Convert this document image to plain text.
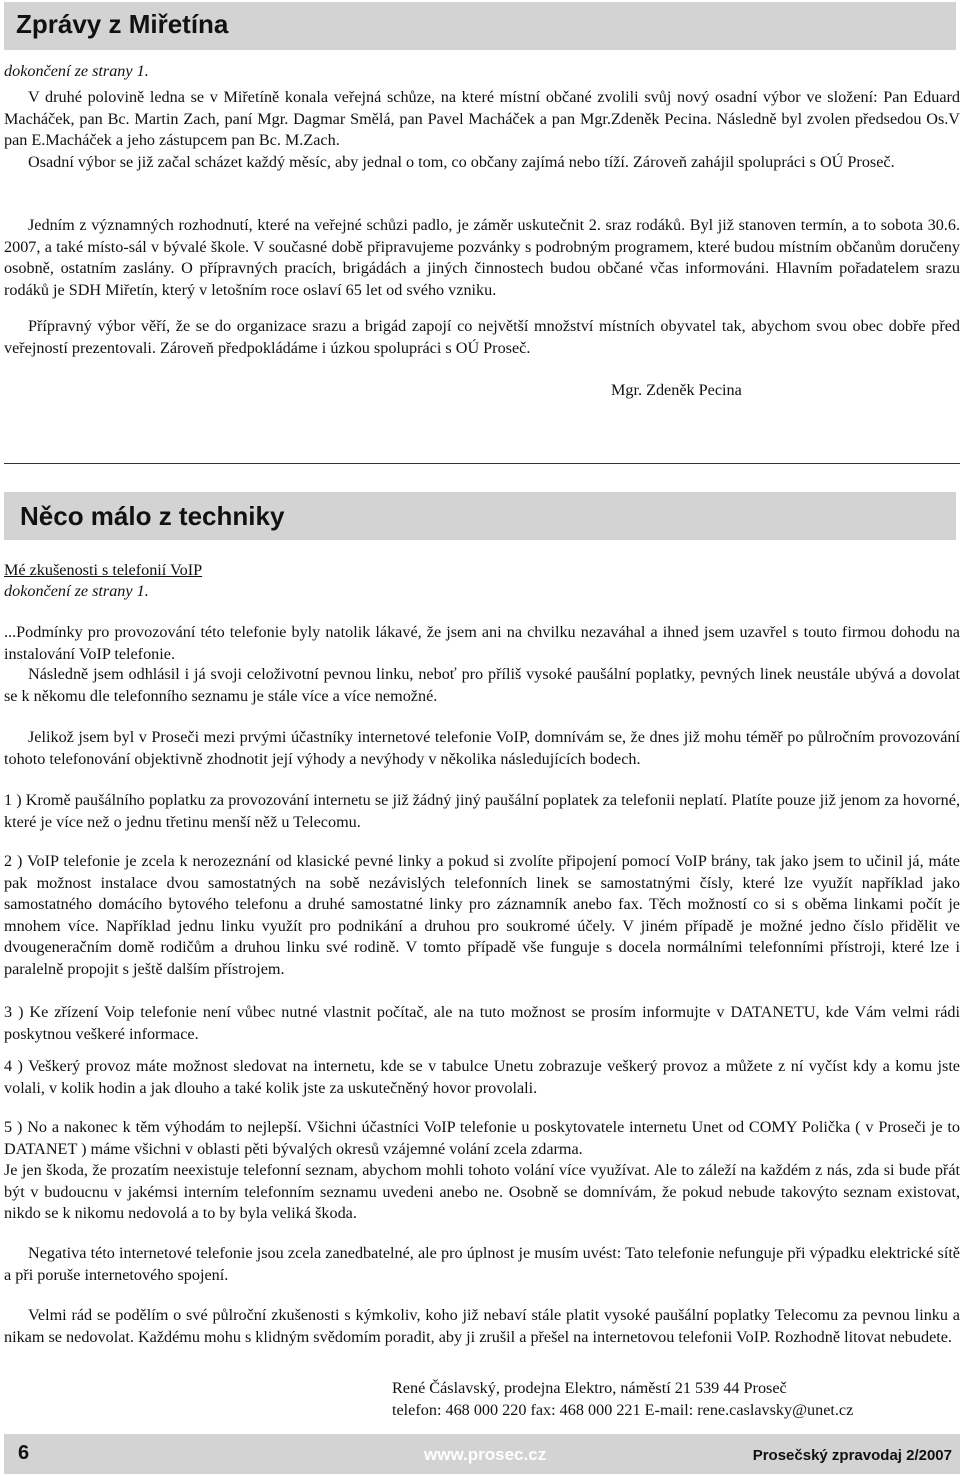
Zprávy z Miřetína

dokončení ze strany 1.

V druhé polovině ledna se v Miřetíně konala veřejná schůze, na které místní občané zvolili svůj nový osadní výbor ve složení: Pan Eduard Macháček, pan Bc. Martin Zach, paní Mgr. Dagmar Smělá, pan Pavel Macháček a pan Mgr.Zdeněk Pecina. Následně byl zvolen předsedou Os.V pan E.Macháček a jeho zástupcem pan Bc. M.Zach.

Osadní výbor se již začal scházet každý měsíc, aby jednal o tom, co občany zajímá nebo tíží. Zároveň zahájil spolupráci s OÚ Proseč.

Jedním z významných rozhodnutí, které na veřejné schůzi padlo, je záměr uskutečnit 2. sraz rodáků. Byl již stanoven termín, a to sobota 30.6. 2007, a také místo-sál v bývalé škole. V současné době připravujeme pozvánky s podrobným programem, které budou místním občanům doručeny osobně, ostatním zaslány. O přípravných pracích, brigádách a jiných činnostech budou občané včas informováni. Hlavním pořadatelem srazu rodáků je SDH Miřetín, který v letošním roce oslaví 65 let od svého vzniku.

Přípravný výbor věří, že se do organizace srazu a brigád zapojí co největší množství místních obyvatel tak, abychom svou obec dobře před veřejností prezentovali. Zároveň předpokládáme i úzkou spolupráci s OÚ Proseč.

Mgr. Zdeněk Pecina

Něco málo z techniky

Mé zkušenosti s telefonií VoIP

dokončení ze strany 1.

...Podmínky pro provozování této telefonie byly natolik lákavé, že jsem ani na chvilku nezaváhal a ihned jsem uzavřel s touto firmou dohodu na instalování VoIP telefonie.

Následně jsem odhlásil i já svoji celoživotní pevnou linku, neboť pro příliš vysoké paušální poplatky, pevných linek neustále ubývá a dovolat se k někomu dle telefonního seznamu je stále více a více nemožné.

Jelikož jsem byl v Proseči mezi prvými účastníky internetové telefonie VoIP, domnívám se, že dnes již mohu téměř po půlročním provozování tohoto telefonování objektivně zhodnotit její výhody a nevýhody v několika následujících bodech.

1 ) Kromě paušálního poplatku za provozování internetu se již žádný jiný paušální poplatek za telefonii neplatí. Platíte pouze již jenom za hovorné, které je více než o jednu třetinu menší něž u Telecomu.

2 ) VoIP telefonie je zcela k nerozeznání od klasické pevné linky a pokud si zvolíte připojení pomocí VoIP brány, tak jako jsem to učinil já, máte pak možnost instalace dvou samostatných na sobě nezávislých telefonních linek se samostatnými čísly, které lze využít například jako samostatného domácího bytového telefonu a druhé samostatné linky pro záznamník anebo fax. Těch možností co si s oběma linkami počít je mnohem více. Například jednu linku využít pro podnikání a druhou pro soukromé účely. V jiném případě je možné jedno číslo přidělit ve dvougeneračním domě rodičům a druhou linku své rodině. V tomto případě vše funguje s docela normálními telefonními přístroji, které lze i paralelně propojit s ještě dalším přístrojem.

3 ) Ke zřízení Voip telefonie není vůbec nutné vlastnit počítač, ale na tuto možnost se prosím informujte v DATANETU, kde Vám velmi rádi poskytnou veškeré informace.

4 ) Veškerý provoz máte možnost sledovat na internetu, kde se v tabulce Unetu zobrazuje veškerý provoz a můžete z ní vyčíst kdy a komu jste volali, v kolik hodin a jak dlouho a také kolik jste za uskutečněný hovor provolali.

5 ) No a nakonec k těm výhodám to nejlepší. Všichni účastníci VoIP telefonie u poskytovatele internetu Unet od COMY Polička ( v Proseči je to DATANET ) máme všichni v oblasti pěti bývalých okresů vzájemné volání zcela zdarma.

Je jen škoda, že prozatím neexistuje telefonní seznam, abychom mohli tohoto volání více využívat. Ale to záleží na každém z nás, zda si bude přát být v budoucnu v jakémsi interním telefonním seznamu uvedeni anebo ne. Osobně se domnívám, že pokud nebude takovýto seznam existovat, nikdo se k nikomu nedovolá a to by byla veliká škoda.

Negativa této internetové telefonie jsou zcela zanedbatelné, ale pro úplnost je musím uvést: Tato telefonie nefunguje při výpadku elektrické sítě a při poruše internetového spojení.

Velmi rád se podělím o své půlroční zkušenosti s kýmkoliv, koho již nebaví stále platit vysoké paušální poplatky Telecomu za pevnou linku a nikam se nedovolat. Každému mohu s klidným svědomím poradit, aby ji zrušil a přešel na internetovou telefonii VoIP. Rozhodně litovat nebudete.

René Čáslavský, prodejna Elektro, náměstí 21 539 44 Proseč

telefon: 468 000 220 fax: 468 000 221 E-mail: rene.caslavsky@unet.cz

6	www.prosec.cz	Prosečský zpravodaj 2/2007
